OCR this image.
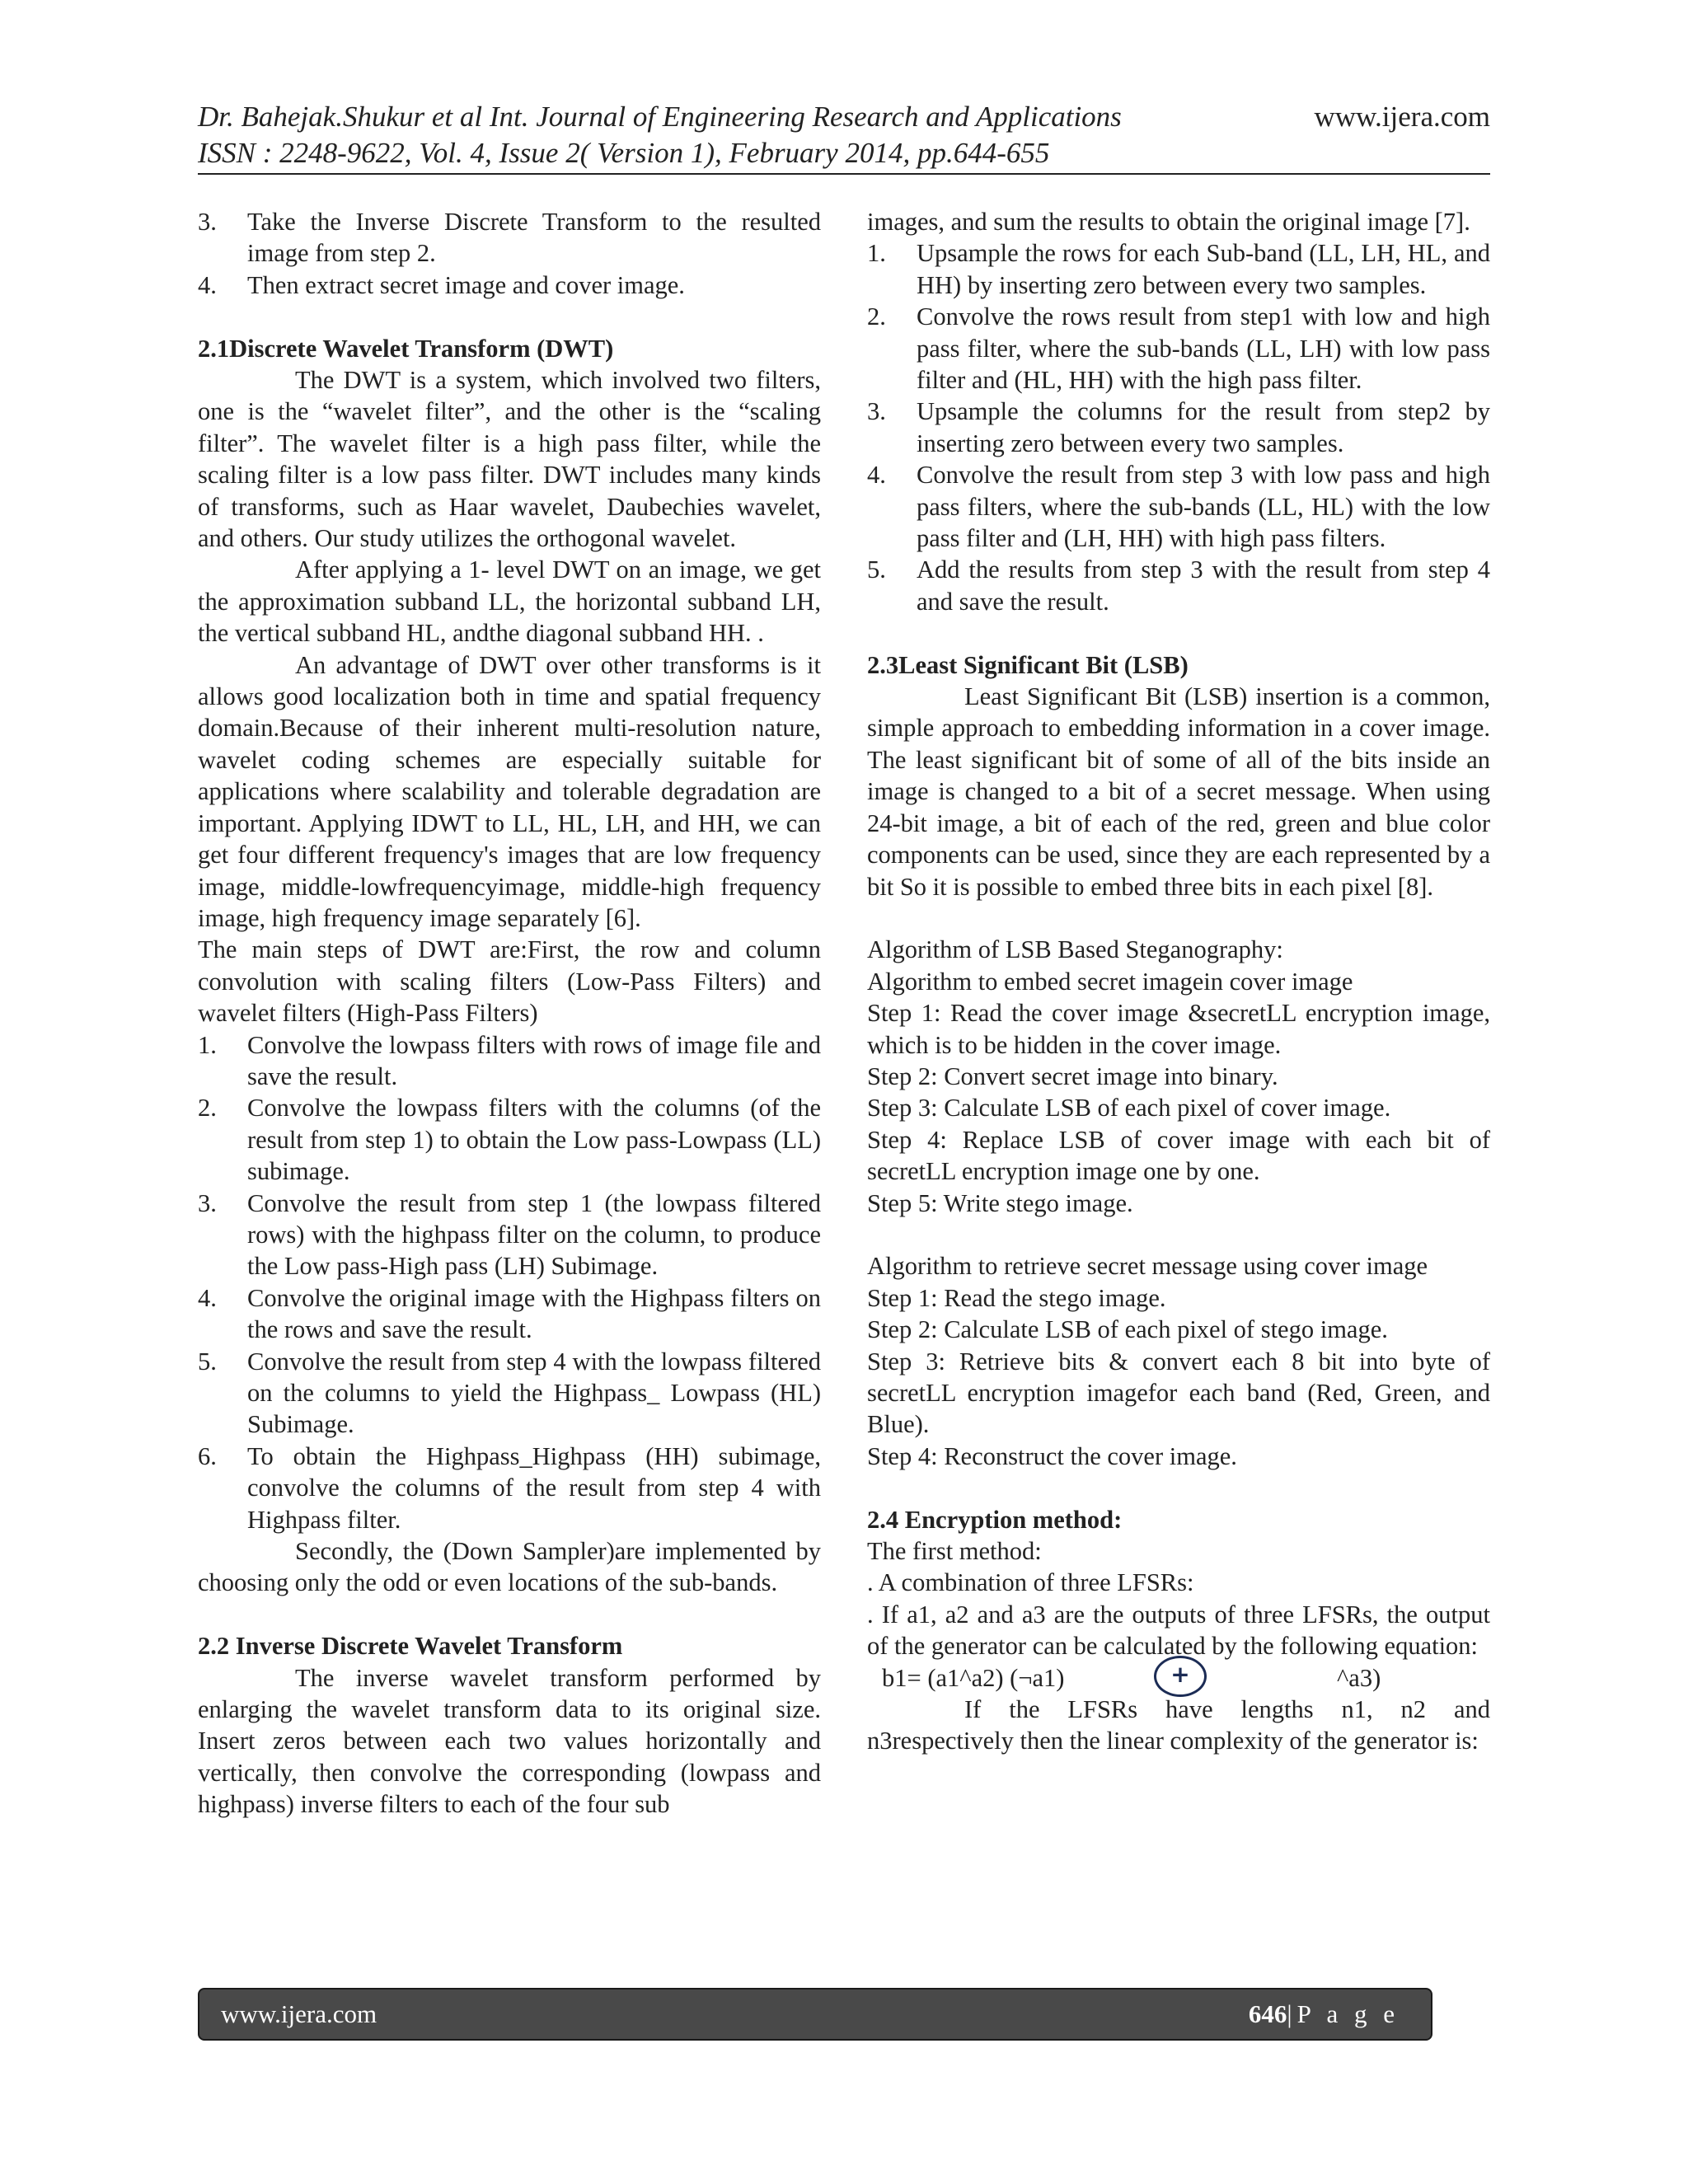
Dr. Bahejak.Shukur et al Int. Journal of Engineering Research and Applications
ISSN : 2248-9622, Vol. 4, Issue 2( Version 1), February 2014, pp.644-655
www.ijera.com
3. Take the Inverse Discrete Transform to the resulted image from step 2.
4. Then extract secret image and cover image.

2.1Discrete Wavelet Transform (DWT)

The DWT is a system, which involved two filters, one is the “wavelet filter”, and the other is the “scaling filter”. The wavelet filter is a high pass filter, while the scaling filter is a low pass filter. DWT includes many kinds of transforms, such as Haar wavelet, Daubechies wavelet, and others. Our study utilizes the orthogonal wavelet.

After applying a 1- level DWT on an image, we get the approximation subband LL, the horizontal subband LH, the vertical subband HL, andthe diagonal subband HH. .

An advantage of DWT over other transforms is it allows good localization both in time and spatial frequency domain.Because of their inherent multi-resolution nature, wavelet coding schemes are especially suitable for applications where scalability and tolerable degradation are important. Applying IDWT to LL, HL, LH, and HH, we can get four different frequency's images that are low frequency image, middle-lowfrequencyimage, middle-high frequency image, high frequency image separately [6].

The main steps of DWT are:First, the row and column convolution with scaling filters (Low-Pass Filters) and wavelet filters (High-Pass Filters)

1. Convolve the lowpass filters with rows of image file and save the result.
2. Convolve the lowpass filters with the columns (of the result from step 1) to obtain the Low pass-Lowpass (LL) subimage.
3. Convolve the result from step 1 (the lowpass filtered rows) with the highpass filter on the column, to produce the Low pass-High pass (LH) Subimage.
4. Convolve the original image with the Highpass filters on the rows and save the result.
5. Convolve the result from step 4 with the lowpass filtered on the columns to yield the Highpass_ Lowpass (HL) Subimage.
6. To obtain the Highpass_Highpass (HH) subimage, convolve the columns of the result from step 4 with Highpass filter.

Secondly, the (Down Sampler)are implemented by choosing only the odd or even locations of the sub-bands.

2.2 Inverse Discrete Wavelet Transform

The inverse wavelet transform performed by enlarging the wavelet transform data to its original size. Insert zeros between each two values horizontally and vertically, then convolve the corresponding (lowpass and highpass) inverse filters to each of the four sub

images, and sum the results to obtain the original image [7].

1. Upsample the rows for each Sub-band (LL, LH, HL, and HH) by inserting zero between every two samples.
2. Convolve the rows result from step1 with low and high pass filter, where the sub-bands (LL, LH) with low pass filter and (HL, HH) with the high pass filter.
3. Upsample the columns for the result from step2 by inserting zero between every two samples.
4. Convolve the result from step 3 with low pass and high pass filters, where the sub-bands (LL, HL) with the low pass filter and (LH, HH) with high pass filters.
5. Add the results from step 3 with the result from step 4 and save the result.

2.3Least Significant Bit (LSB)

Least Significant Bit (LSB) insertion is a common, simple approach to embedding information in a cover image. The least significant bit of some of all of the bits inside an image is changed to a bit of a secret message. When using 24-bit image, a bit of each of the red, green and blue color components can be used, since they are each represented by a bit So it is possible to embed three bits in each pixel [8].

Algorithm of LSB Based Steganography:

Algorithm to embed secret imagein cover image

Step 1: Read the cover image &secretLL encryption image, which is to be hidden in the cover image.

Step 2: Convert secret image into binary.

Step 3: Calculate LSB of each pixel of cover image.

Step 4: Replace LSB of cover image with each bit of secretLL encryption image one by one.

Step 5: Write stego image.

Algorithm to retrieve secret message using cover image

Step 1: Read the stego image.

Step 2: Calculate LSB of each pixel of stego image.

Step 3: Retrieve bits & convert each 8 bit into byte of secretLL encryption imagefor each band (Red, Green, and Blue).

Step 4: Reconstruct the cover image.

2.4 Encryption method:

The first method:

. A combination of three LFSRs:

. If a1, a2 and a3 are the outputs of three LFSRs, the output of the generator can be calculated by the following equation:

b1= (a1^a2) (¬a1)	+	^a3)

If the LFSRs have lengths n1, n2 and n3respectively then the linear complexity of the generator is:

www.ijera.com	646|P a g e
